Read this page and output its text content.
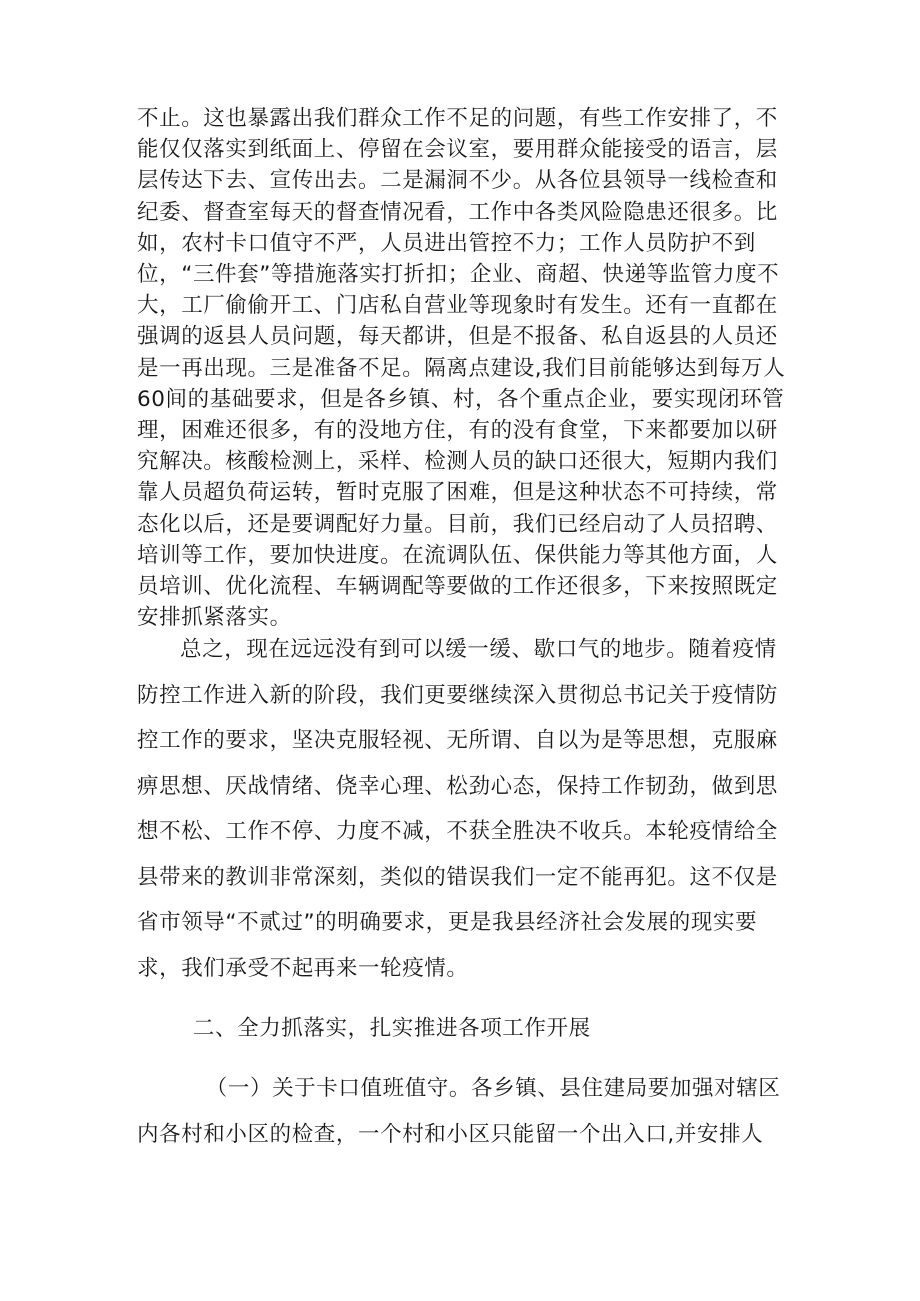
不止。这也暴露出我们群众工作不足的问题，有些工作安排了，不能仅仅落实到纸面上、停留在会议室，要用群众能接受的语言，层层传达下去、宣传出去。二是漏洞不少。从各位县领导一线检查和纪委、督查室每天的督查情况看，工作中各类风险隐患还很多。比如，农村卡口值守不严，人员进出管控不力；工作人员防护不到位，“三件套”等措施落实打折扣；企业、商超、快递等监管力度不大，工厂偷偷开工、门店私自营业等现象时有发生。还有一直都在强调的返县人员问题，每天都讲，但是不报备、私自返县的人员还是一再出现。三是准备不足。隔离点建设,我们目前能够达到每万人60间的基础要求，但是各乡镇、村，各个重点企业，要实现闭环管理，困难还很多，有的没地方住，有的没有食堂，下来都要加以研究解决。核酸检测上，采样、检测人员的缺口还很大，短期内我们靠人员超负荷运转，暂时克服了困难，但是这种状态不可持续，常态化以后，还是要调配好力量。目前，我们已经启动了人员招聘、培训等工作，要加快进度。在流调队伍、保供能力等其他方面，人员培训、优化流程、车辆调配等要做的工作还很多，下来按照既定安排抓紧落实。

总之，现在远远没有到可以缓一缓、歇口气的地步。随着疫情防控工作进入新的阶段，我们更要继续深入贯彻总书记关于疫情防控工作的要求，坚决克服轻视、无所谓、自以为是等思想，克服麻痹思想、厌战情绪、侥幸心理、松劲心态，保持工作韧劲，做到思想不松、工作不停、力度不减，不获全胜决不收兵。本轮疫情给全县带来的教训非常深刻，类似的错误我们一定不能再犯。这不仅是省市领导“不贰过”的明确要求，更是我县经济社会发展的现实要求，我们承受不起再来一轮疫情。

二、全力抓落实，扎实推进各项工作开展

（一）关于卡口值班值守。各乡镇、县住建局要加强对辖区内各村和小区的检查，一个村和小区只能留一个出入口,并安排人
